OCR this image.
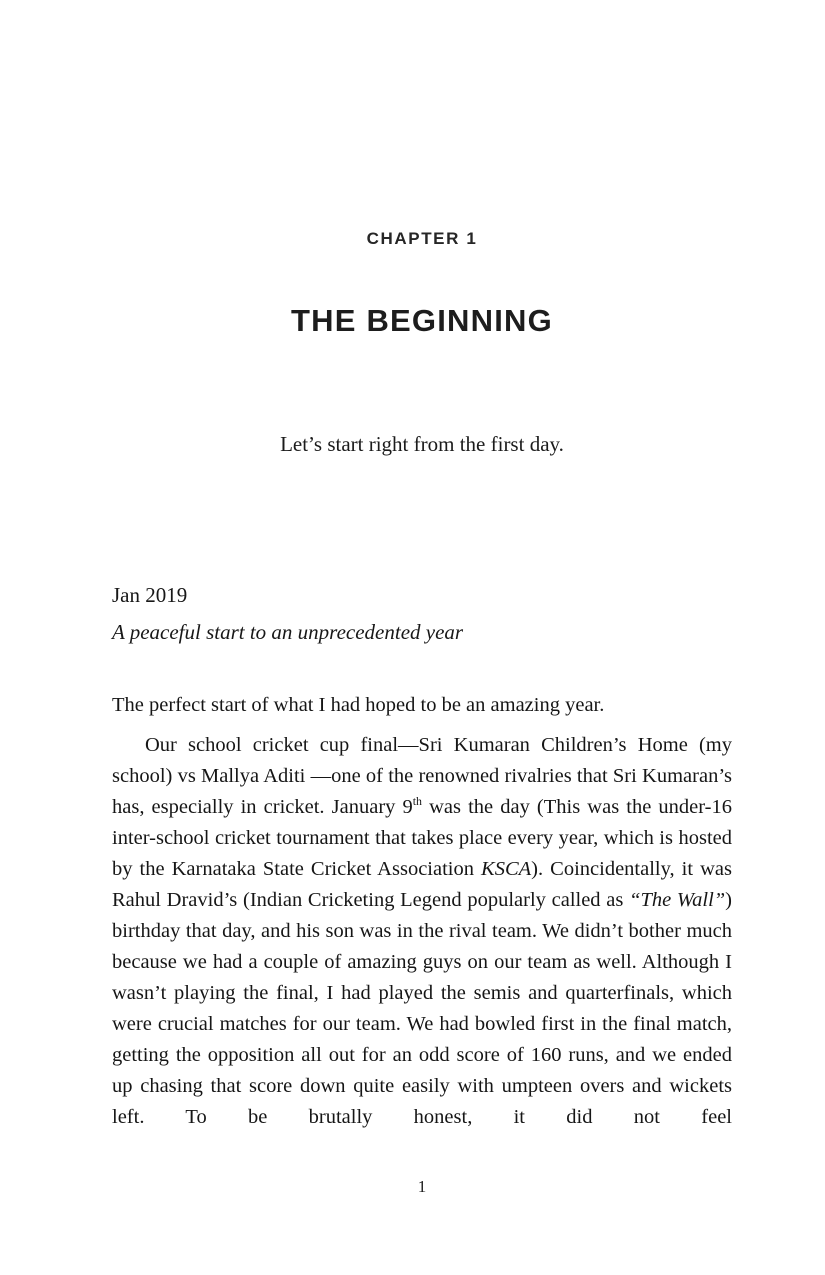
CHAPTER 1
THE BEGINNING
Let’s start right from the first day.
Jan 2019
A peaceful start to an unprecedented year

The perfect start of what I had hoped to be an amazing year.

Our school cricket cup final—Sri Kumaran Children’s Home (my school) vs Mallya Aditi —one of the renowned rivalries that Sri Kumaran’s has, especially in cricket. January 9th was the day (This was the under-16 inter-school cricket tournament that takes place every year, which is hosted by the Karnataka State Cricket Association KSCA). Coincidentally, it was Rahul Dravid’s (Indian Cricketing Legend popularly called as “The Wall”) birthday that day, and his son was in the rival team. We didn’t bother much because we had a couple of amazing guys on our team as well. Although I wasn’t playing the final, I had played the semis and quarterfinals, which were crucial matches for our team. We had bowled first in the final match, getting the opposition all out for an odd score of 160 runs, and we ended up chasing that score down quite easily with umpteen overs and wickets left. To be brutally honest, it did not feel

1
